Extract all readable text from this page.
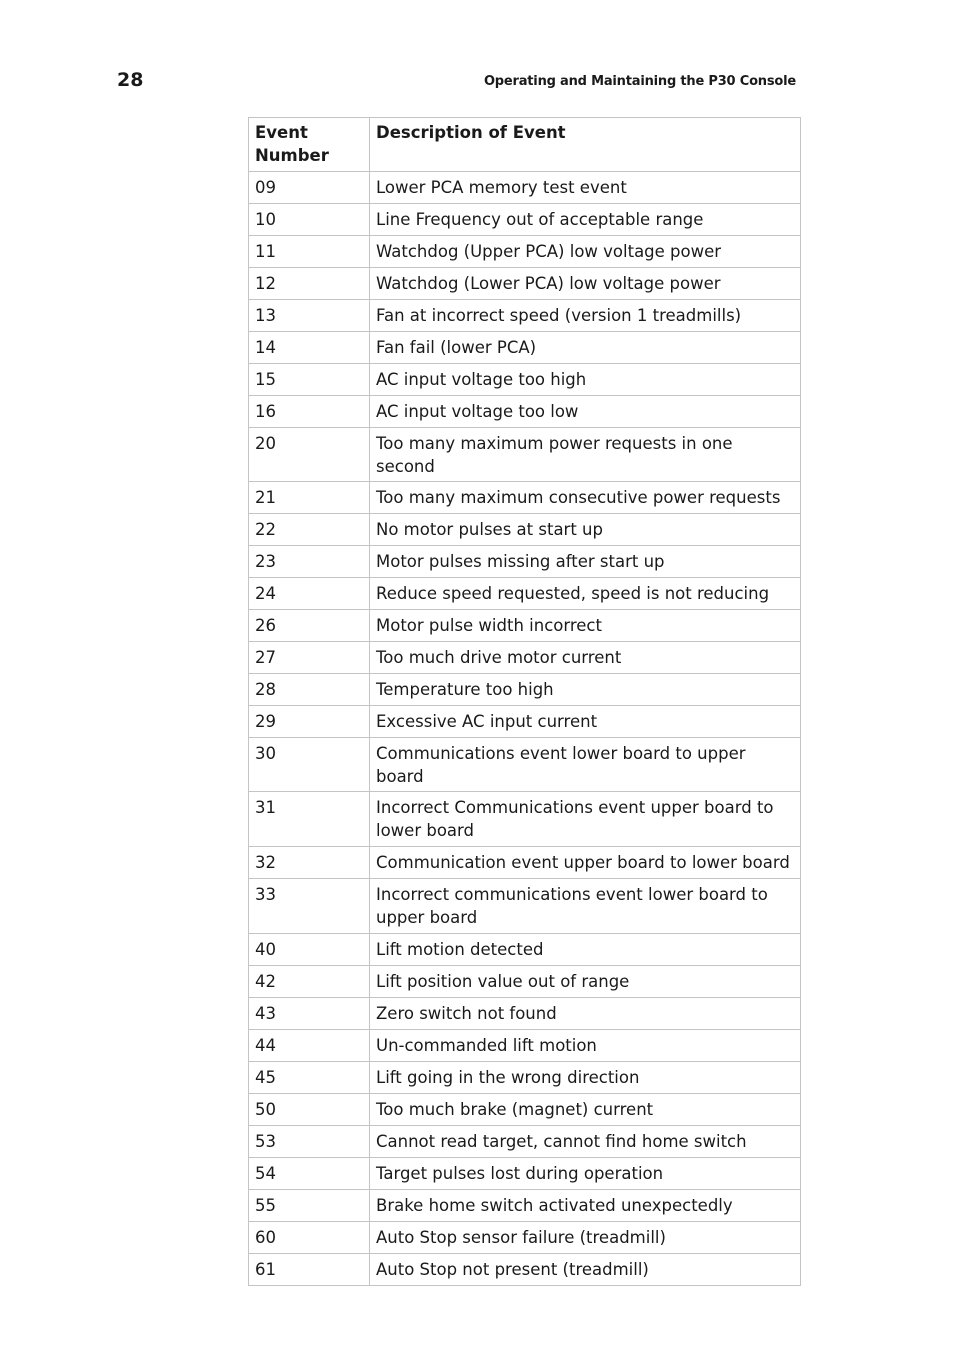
28	Operating and Maintaining the P30 Console
Event
Number	Description of Event
09	Lower PCA memory test event
10	Line Frequency out of acceptable range
11	Watchdog (Upper PCA) low voltage power
12	Watchdog (Lower PCA) low voltage power
13	Fan at incorrect speed (version 1 treadmills)
14	Fan fail (lower PCA)
15	AC input voltage too high
16	AC input voltage too low
20	Too many maximum power requests in one second
21	Too many maximum consecutive power requests
22	No motor pulses at start up
23	Motor pulses missing after start up
24	Reduce speed requested, speed is not reducing
26	Motor pulse width incorrect
27	Too much drive motor current
28	Temperature too high
29	Excessive AC input current
30	Communications event lower board to upper board
31	Incorrect Communications event upper board to lower board
32	Communication event upper board to lower board
33	Incorrect communications event lower board to upper board
40	Lift motion detected
42	Lift position value out of range
43	Zero switch not found
44	Un-commanded lift motion
45	Lift going in the wrong direction
50	Too much brake (magnet) current
53	Cannot read target, cannot find home switch
54	Target pulses lost during operation
55	Brake home switch activated unexpectedly
60	Auto Stop sensor failure (treadmill)
61	Auto Stop not present (treadmill)
